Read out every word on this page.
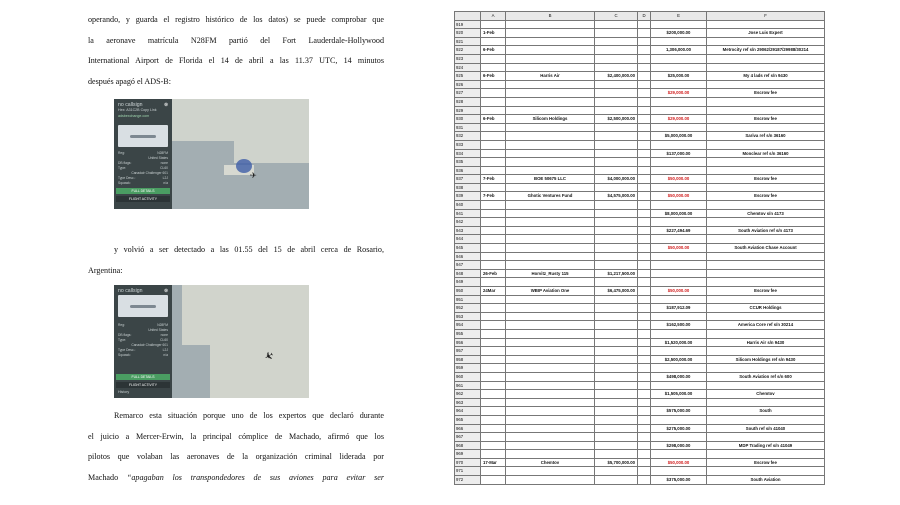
operando, y guarda el registro histórico de los datos) se puede comprobar que
la aeronave matrícula N28FM partió del Fort Lauderdale-Hollywood
International Airport de Florida el 14 de abril a las 11.37 UTC, 14 minutos
después apagó el ADS-B:
✈
no callsign
Hex: A31C2B Copy Link
adsbexchange.com
Reg:	N28FM
United States
DB flags:	none
Type:	CL60
Canadair Challenger 601
Type Desc.:	L2J
Squawk:	n/a
FULL DETAILS
FLIGHT ACTIVITY
⊗
y volvió a ser detectado a las 01.55 del 15 de abril cerca de Rosario,
Argentina:
✈
no callsign
Reg:	N28FM
United States
DB flags:	none
Type:	CL60
Canadair Challenger 601
Type Desc.:	L2J
Squawk:	n/a
FULL DETAILS
FLIGHT ACTIVITY
History
⊗
Remarco esta situación porque uno de los expertos que declaró durante
el juicio a Mercer-Erwin, la principal cómplice de Machado, afirmó que los
pilotos que volaban las aeronaves de la organización criminal liderada por
Machado “apagaban los transpondedores de sus aviones para evitar ser
	A	B	C	D	E	F
919						
920	1-Feb				$200,000.00	Jose Luis Expert
921						
922	6-Feb				1,306,000.00	Metrocity ref s/n 29062/29187/29988/30214
923						
924						
925	6-Feb	Harris Air	$2,400,000.00		$25,000.00	My 4 lads ref s/n 9430
926						
927					$29,000.00	Escrow fee
928						
929						
930	6-Feb	Silicom Holdings	$2,500,000.00		$29,000.00	Escrow fee
931						
932					$5,000,000.00	Sariva ref s/n 36160
933						
934					$137,000.00	Monclear ref s/n 36160
935						
936						
937	7-Feb	BOE 50675 LLC	$4,000,000.00		$50,000.00	Escrow fee
938						
939	7-Feb	Ghotic Ventures Fund	$4,575,000.00		$50,000.00	Escrow fee
940						
941					$8,000,000.00	Chemtov s/n 4173
942						
943					$227,494.69	South Aviation ref s/n 4173
944						
945					$50,000.00	South Aviation Chase Account
946						
947						
948	26-Feb	Horvitz_Rusty 115	$1,217,500.00			
949						
950	24Mar	WBIP Aviation One	$6,475,000.00		$50,000.00	Escrow fee
951						
952					$187,912.09	CCUR Holdings
953						
954					$162,500.00	America Core ref s/n 30214
955						
956					$1,520,000.00	Harris Air s/n 9430
957						
958					$2,500,000.00	Silicom Holdings ref s/n 9430
959						
960					$498,000.00	South Aviation ref s/n 600
961						
962					$1,505,000.00	Chemtov
963						
964					$575,000.00	South
965						
966					$275,000.00	South ref s/n 41040
967						
968					$298,000.00	MDP Trading ref s/n 41049
969						
970	17-Mar	Chemtov	$5,700,000.00		$50,000.00	Escrow fee
971						
972					$375,000.00	South Aviation
